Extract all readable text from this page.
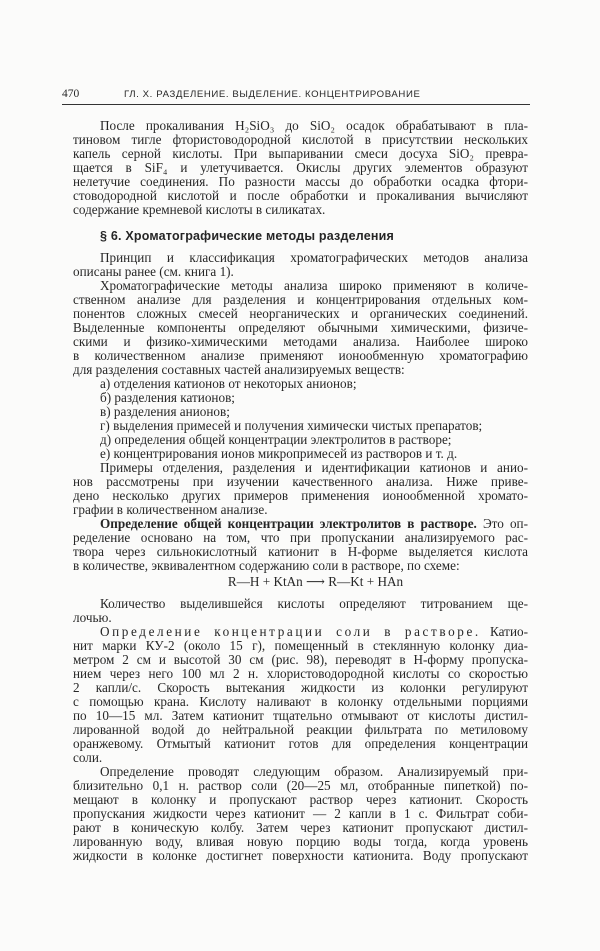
470	ГЛ. X. РАЗДЕЛЕНИЕ. ВЫДЕЛЕНИЕ. КОНЦЕНТРИРОВАНИЕ
После прокаливания H₂SiO₃ до SiO₂ осадок обрабатывают в пла-
тиновом тигле фтористоводородной кислотой в присутствии нескольких
капель серной кислоты. При выпаривании смеси досуха SiO₂ превра-
щается в SiF₄ и улетучивается. Окислы других элементов образуют
нелетучие соединения. По разности массы до обработки осадка фтори-
стоводородной кислотой и после обработки и прокаливания вычисляют
содержание кремневой кислоты в силикатах.
§ 6. Хроматографические методы разделения
Принцип и классификация хроматографических методов анализа
описаны ранее (см. книга 1).
Хроматографические методы анализа широко применяют в количе-
ственном анализе для разделения и концентрирования отдельных ком-
понентов сложных смесей неорганических и органических соединений.
Выделенные компоненты определяют обычными химическими, физиче-
скими и физико-химическими методами анализа. Наиболее широко
в количественном анализе применяют ионообменную хроматографию
для разделения составных частей анализируемых веществ:
а) отделения катионов от некоторых анионов;
б) разделения катионов;
в) разделения анионов;
г) выделения примесей и получения химически чистых препаратов;
д) определения общей концентрации электролитов в растворе;
е) концентрирования ионов микропримесей из растворов и т. д.
Примеры отделения, разделения и идентификации катионов и анио-
нов рассмотрены при изучении качественного анализа. Ниже приве-
дено несколько других примеров применения ионообменной хромато-
графии в количественном анализе.
Определение общей концентрации электролитов в растворе. Это оп-
ределение основано на том, что при пропускании анализируемого рас-
твора через сильнокислотный катионит в Н-форме выделяется кислота
в количестве, эквивалентном содержанию соли в растворе, по схеме:
R—H + KtAn ⟶ R—Kt + HAn
Количество выделившейся кислоты определяют титрованием ще-
лочью.
Определение концентрации соли в растворе. Катио-
нит марки КУ-2 (около 15 г), помещенный в стеклянную колонку диа-
метром 2 см и высотой 30 см (рис. 98), переводят в Н-форму пропуска-
нием через него 100 мл 2 н. хлористоводородной кислоты со скоростью
2 капли/с. Скорость вытекания жидкости из колонки регулируют
с помощью крана. Кислоту наливают в колонку отдельными порциями
по 10—15 мл. Затем катионит тщательно отмывают от кислоты дистил-
лированной водой до нейтральной реакции фильтрата по метиловому
оранжевому. Отмытый катионит готов для определения концентрации
соли.
Определение проводят следующим образом. Анализируемый при-
близительно 0,1 н. раствор соли (20—25 мл, отобранные пипеткой) по-
мещают в колонку и пропускают раствор через катионит. Скорость
пропускания жидкости через катионит — 2 капли в 1 с. Фильтрат соби-
рают в коническую колбу. Затем через катионит пропускают дистил-
лированную воду, вливая новую порцию воды тогда, когда уровень
жидкости в колонке достигнет поверхности катионита. Воду пропускают
